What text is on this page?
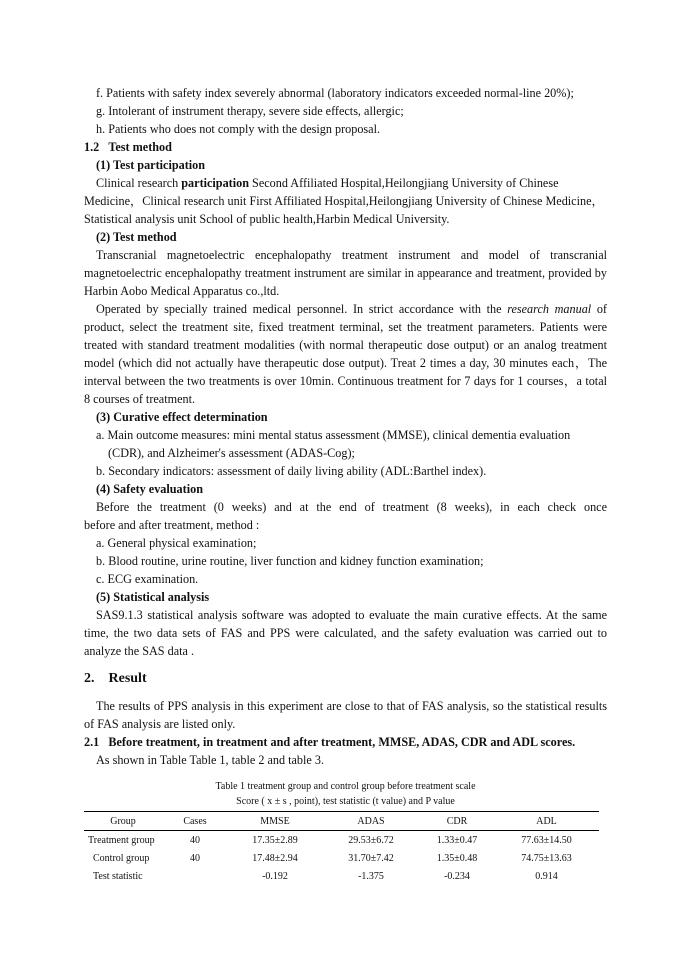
f. Patients with safety index severely abnormal (laboratory indicators exceeded normal-line 20%);
g. Intolerant of instrument therapy, severe side effects, allergic;
h. Patients who does not comply with the design proposal.
1.2 Test method
(1) Test participation
Clinical research participation Second Affiliated Hospital,Heilongjiang University of Chinese
Medicine，Clinical research unit First Affiliated Hospital,Heilongjiang University of Chinese Medicine，
Statistical analysis unit School of public health,Harbin Medical University.
(2) Test method
Transcranial magnetoelectric encephalopathy treatment instrument and model of transcranial
magnetoelectric encephalopathy treatment instrument are similar in appearance and treatment, provided by
Harbin Aobo Medical Apparatus co.,ltd.
Operated by specially trained medical personnel. In strict accordance with the research manual of
product, select the treatment site, fixed treatment terminal, set the treatment parameters. Patients were
treated with standard treatment modalities (with normal therapeutic dose output) or an analog treatment
model (which did not actually have therapeutic dose output). Treat 2 times a day, 30 minutes each，The
interval between the two treatments is over 10min. Continuous treatment for 7 days for 1 courses，a total
8 courses of treatment.
(3) Curative effect determination
a. Main outcome measures: mini mental status assessment (MMSE), clinical dementia evaluation
(CDR), and Alzheimer's assessment (ADAS-Cog);
b. Secondary indicators: assessment of daily living ability (ADL:Barthel index).
(4) Safety evaluation
Before the treatment (0 weeks) and at the end of treatment (8 weeks), in each check once
before and after treatment, method :
a. General physical examination;
b. Blood routine, urine routine, liver function and kidney function examination;
c. ECG examination.
(5) Statistical analysis
SAS9.1.3 statistical analysis software was adopted to evaluate the main curative effects. At the same
time, the two data sets of FAS and PPS were calculated, and the safety evaluation was carried out to
analyze the SAS data .
2. Result
The results of PPS analysis in this experiment are close to that of FAS analysis, so the statistical results
of FAS analysis are listed only.
2.1 Before treatment, in treatment and after treatment, MMSE, ADAS, CDR and ADL scores.
As shown in Table Table 1, table 2 and table 3.
Table 1 treatment group and control group before treatment scale
Score ( x ± s , point), test statistic (t value) and P value
Group	Cases	MMSE	ADAS	CDR	ADL
Treatment group	40	17.35±2.89	29.53±6.72	1.33±0.47	77.63±14.50
Control group	40	17.48±2.94	31.70±7.42	1.35±0.48	74.75±13.63
Test statistic		-0.192	-1.375	-0.234	0.914
